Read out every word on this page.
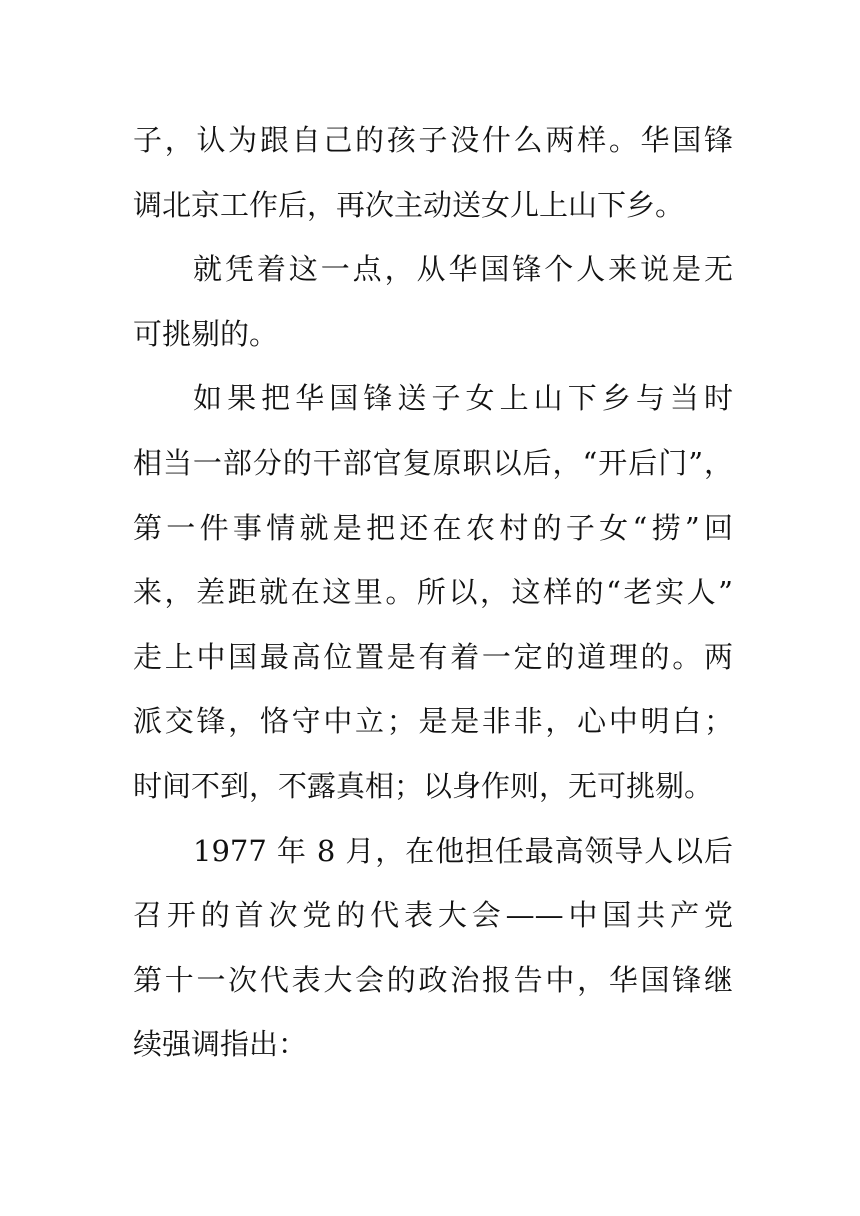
子，认为跟自己的孩子没什么两样。华国锋
调北京工作后，再次主动送女儿上山下乡。
就凭着这一点，从华国锋个人来说是无
可挑剔的。
如果把华国锋送子女上山下乡与当时
相当一部分的干部官复原职以后，“开后门”，
第一件事情就是把还在农村的子女“捞”回
来，差距就在这里。所以，这样的“老实人”
走上中国最高位置是有着一定的道理的。两
派交锋，恪守中立；是是非非，心中明白；
时间不到，不露真相；以身作则，无可挑剔。
1977 年 8 月，在他担任最高领导人以后
召开的首次党的代表大会——中国共产党
第十一次代表大会的政治报告中，华国锋继
续强调指出：
